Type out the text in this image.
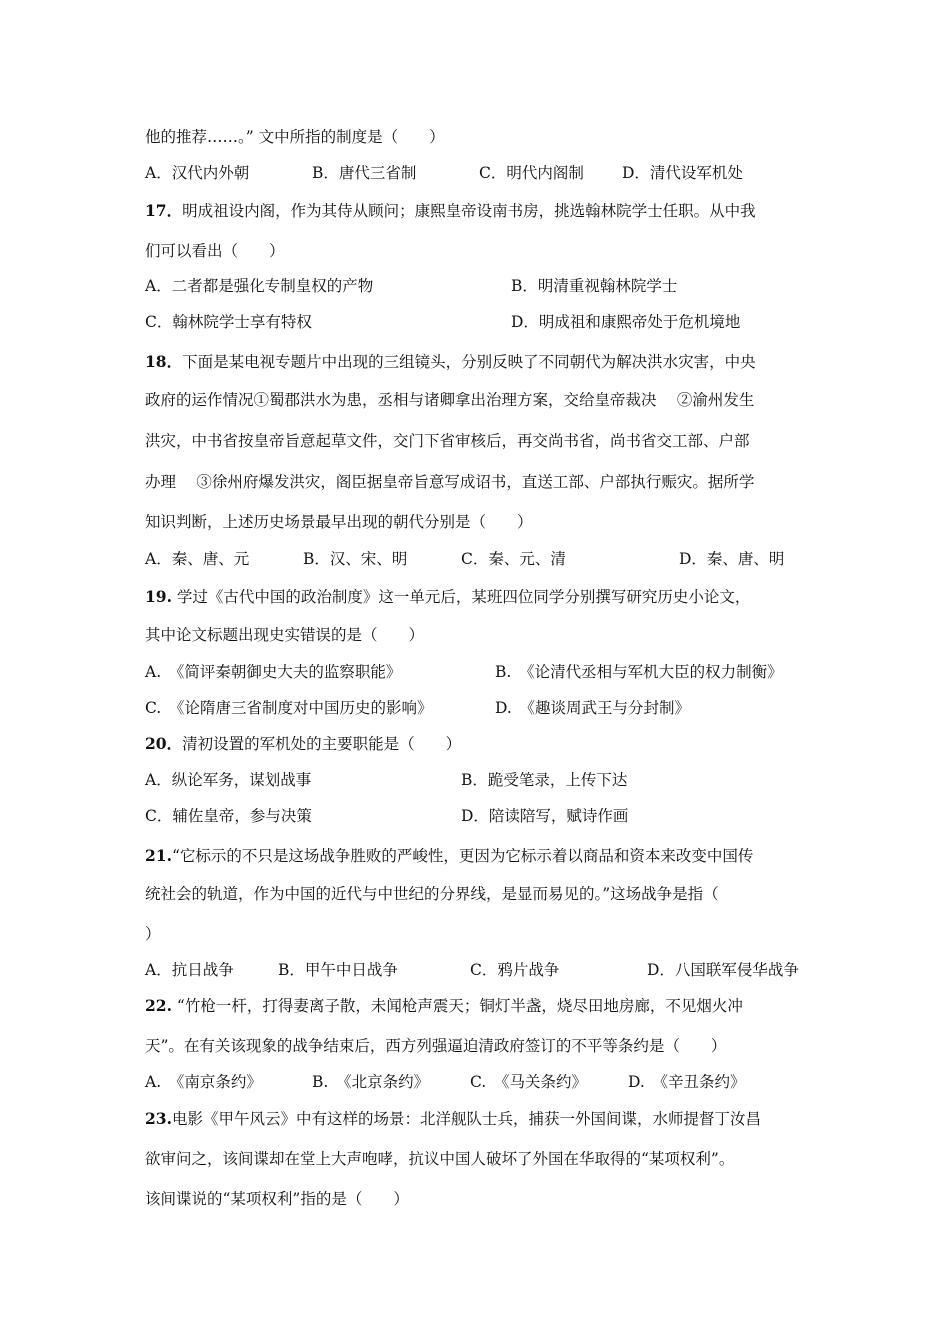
他的推荐……。” 文中所指的制度是（　　）
A．汉代内外朝	B．唐代三省制	C．明代内阁制 D．清代设军机处
17．明成祖设内阁，作为其侍从顾问；康熙皇帝设南书房，挑选翰林院学士任职。从中我
们可以看出（　　）
A．二者都是强化专制皇权的产物	B．明清重视翰林院学士
C．翰林院学士享有特权	D．明成祖和康熙帝处于危机境地
18．下面是某电视专题片中出现的三组镜头，分别反映了不同朝代为解决洪水灾害，中央
政府的运作情况①蜀郡洪水为患，丞相与诸卿拿出治理方案，交给皇帝裁决　 ②渝州发生
洪灾，中书省按皇帝旨意起草文件，交门下省审核后，再交尚书省，尚书省交工部、户部
办理　 ③徐州府爆发洪灾，阁臣据皇帝旨意写成诏书，直送工部、户部执行赈灾。据所学
知识判断，上述历史场景最早出现的朝代分别是（　　）
A．秦、唐、元	B．汉、宋、明	C．秦、元、清	D．秦、唐、明
19. 学过《古代中国的政治制度》这一单元后，某班四位同学分别撰写研究历史小论文，
其中论文标题出现史实错误的是（　　）
A.　《简评秦朝御史大夫的监察职能》	B.　《论清代丞相与军机大臣的权力制衡》
C.　《论隋唐三省制度对中国历史的影响》	D.　《趣谈周武王与分封制》
20．清初设置的军机处的主要职能是（　　）
A．纵论军务，谋划战事	B．跪受笔录，上传下达
C．辅佐皇帝，参与决策	D．陪读陪写，赋诗作画
21.“它标示的不只是这场战争胜败的严峻性，更因为它标示着以商品和资本来改变中国传
统社会的轨道，作为中国的近代与中世纪的分界线，是显而易见的。”这场战争是指（
）
A．抗日战争	B．甲午中日战争	C．鸦片战争	D．八国联军侵华战争
22. “竹枪一杆，打得妻离子散，未闻枪声震天；铜灯半盏，烧尽田地房廊，不见烟火冲
天”。在有关该现象的战争结束后，西方列强逼迫清政府签订的不平等条约是（　　）
A.　《南京条约》	B.　《北京条约》	C.　《马关条约》	D.　《辛丑条约》
23.电影《甲午风云》中有这样的场景：北洋舰队士兵，捕获一外国间谍，水师提督丁汝昌
欲审问之，该间谍却在堂上大声咆哮，抗议中国人破坏了外国在华取得的“某项权利”。
该间谍说的“某项权利”指的是（　　）
